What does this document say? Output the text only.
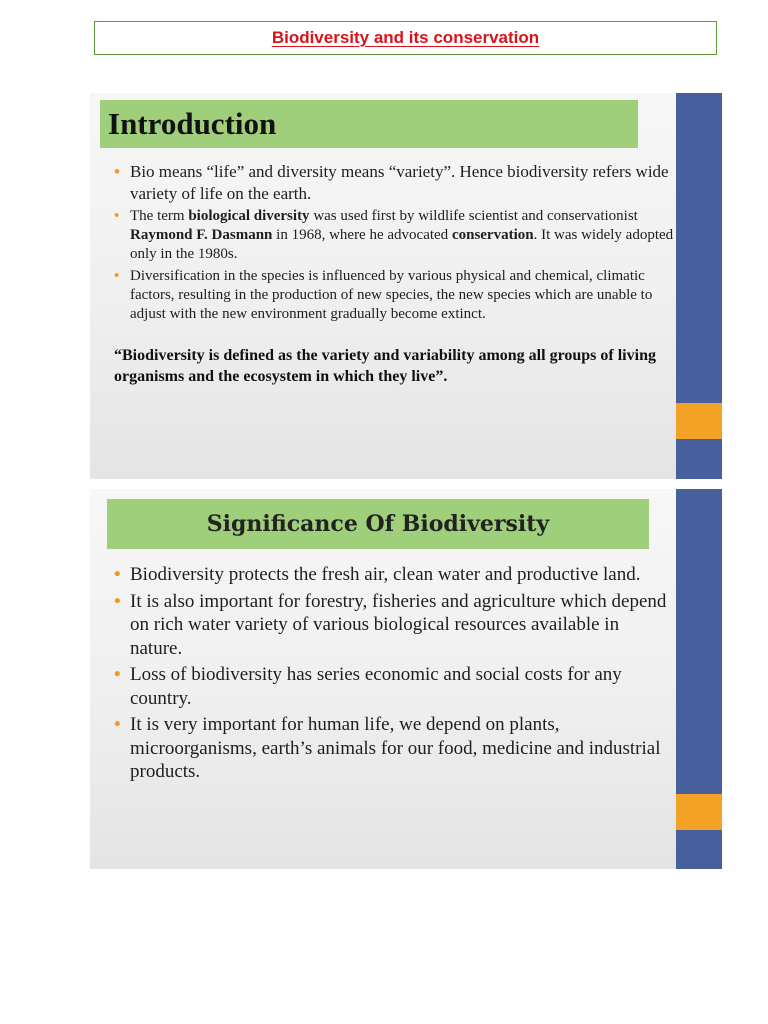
Biodiversity and its conservation
Introduction
• Bio means “life” and diversity means “variety”. Hence biodiversity refers wide variety of life on the earth.
• The term biological diversity was used first by wildlife scientist and conservationist Raymond F. Dasmann in 1968, where he advocated conservation. It was widely adopted only in the 1980s.
• Diversification in the species is influenced by various physical and chemical, climatic factors, resulting in the production of new species, the new species which are unable to adjust with the new environment gradually become extinct.
“Biodiversity is defined as the variety and variability among all groups of living organisms and the ecosystem in which they live”.
Significance Of Biodiversity
• Biodiversity protects the fresh air, clean water and productive land.
• It is also important for forestry, fisheries and agriculture which depend on rich water variety of various biological resources available in nature.
• Loss of biodiversity has series economic and social costs for any country.
• It is very important for human life, we depend on plants, microorganisms, earth’s animals for our food, medicine and industrial products.
